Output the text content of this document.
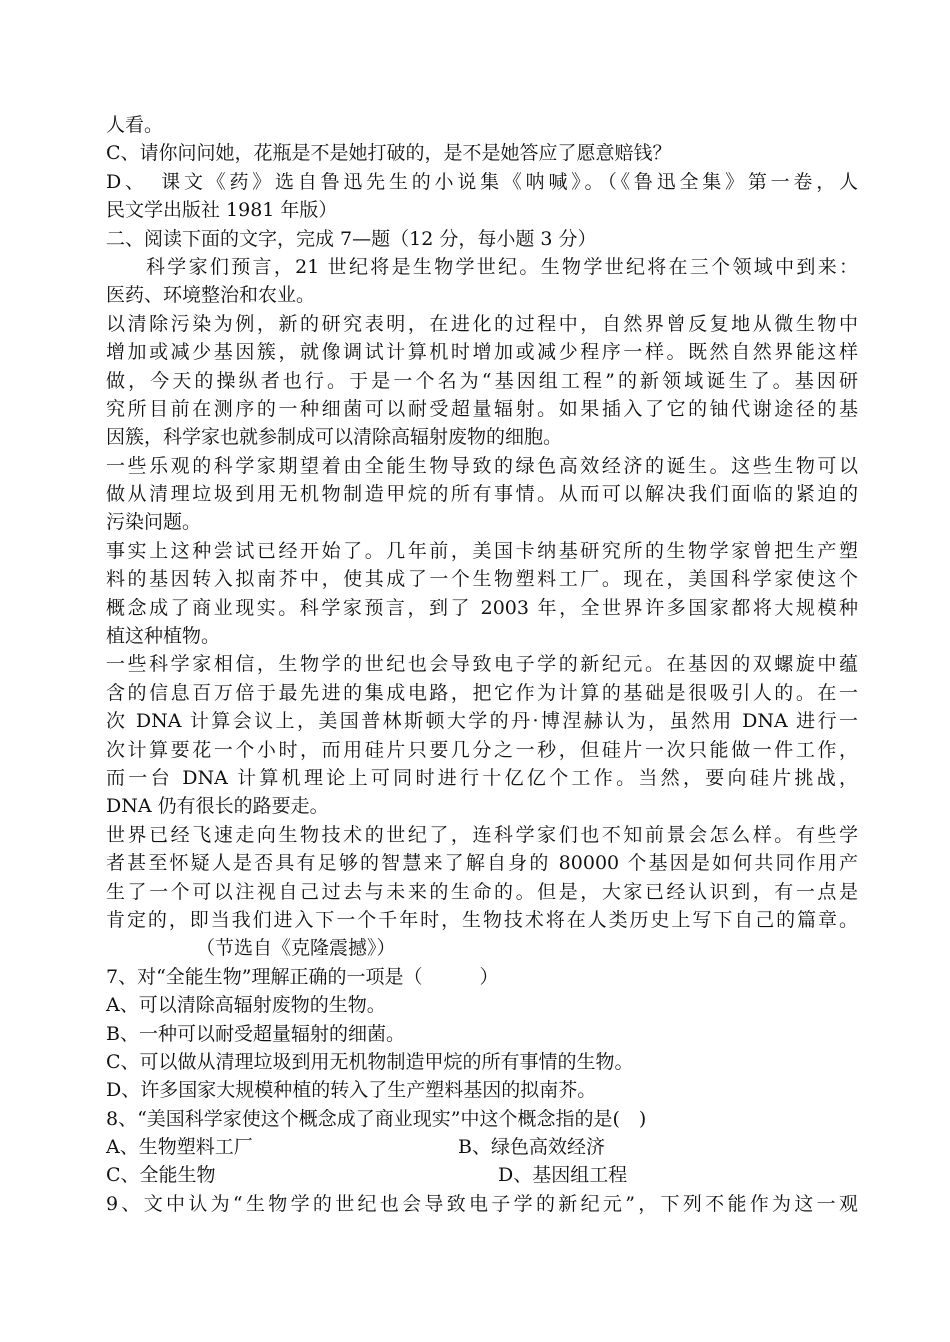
人看。
C、请你问问她，花瓶是不是她打破的，是不是她答应了愿意赔钱？
D、　课文《药》选自鲁迅先生的小说集《呐喊》。（《鲁迅全集》第一卷，人
民文学出版社 1981 年版）
二、阅读下面的文字，完成 7—题（12 分，每小题 3 分）
科学家们预言，21 世纪将是生物学世纪。生物学世纪将在三个领域中到来：
医药、环境整治和农业。
以清除污染为例，新的研究表明，在进化的过程中，自然界曾反复地从微生物中
增加或减少基因簇，就像调试计算机时增加或减少程序一样。既然自然界能这样
做，今天的操纵者也行。于是一个名为“基因组工程”的新领域诞生了。基因研
究所目前在测序的一种细菌可以耐受超量辐射。如果插入了它的铀代谢途径的基
因簇，科学家也就参制成可以清除高辐射废物的细胞。
一些乐观的科学家期望着由全能生物导致的绿色高效经济的诞生。这些生物可以
做从清理垃圾到用无机物制造甲烷的所有事情。从而可以解决我们面临的紧迫的
污染问题。
事实上这种尝试已经开始了。几年前，美国卡纳基研究所的生物学家曾把生产塑
料的基因转入拟南芥中，使其成了一个生物塑料工厂。现在，美国科学家使这个
概念成了商业现实。科学家预言，到了 2003 年，全世界许多国家都将大规模种
植这种植物。
一些科学家相信，生物学的世纪也会导致电子学的新纪元。在基因的双螺旋中蕴
含的信息百万倍于最先进的集成电路，把它作为计算的基础是很吸引人的。在一
次 DNA 计算会议上，美国普林斯顿大学的丹·博涅赫认为，虽然用 DNA 进行一
次计算要花一个小时，而用硅片只要几分之一秒，但硅片一次只能做一件工作，
而一台 DNA 计算机理论上可同时进行十亿亿个工作。当然，要向硅片挑战，
DNA 仍有很长的路要走。
世界已经飞速走向生物技术的世纪了，连科学家们也不知前景会怎么样。有些学
者甚至怀疑人是否具有足够的智慧来了解自身的 80000 个基因是如何共同作用产
生了一个可以注视自己过去与未来的生命的。但是，大家已经认识到，有一点是
肯定的，即当我们进入下一个千年时，生物技术将在人类历史上写下自己的篇章。
（节选自《克隆震撼》）
7、对“全能生物”理解正确的一项是（　　　）
A、可以清除高辐射废物的生物。
B、一种可以耐受超量辐射的细菌。
C、可以做从清理垃圾到用无机物制造甲烷的所有事情的生物。
D、许多国家大规模种植的转入了生产塑料基因的拟南芥。
8、“美国科学家使这个概念成了商业现实”中这个概念指的是(　)
A、生物塑料工厂	B、绿色高效经济
C、全能生物	D、基因组工程
9、文中认为“生物学的世纪也会导致电子学的新纪元”，下列不能作为这一观
